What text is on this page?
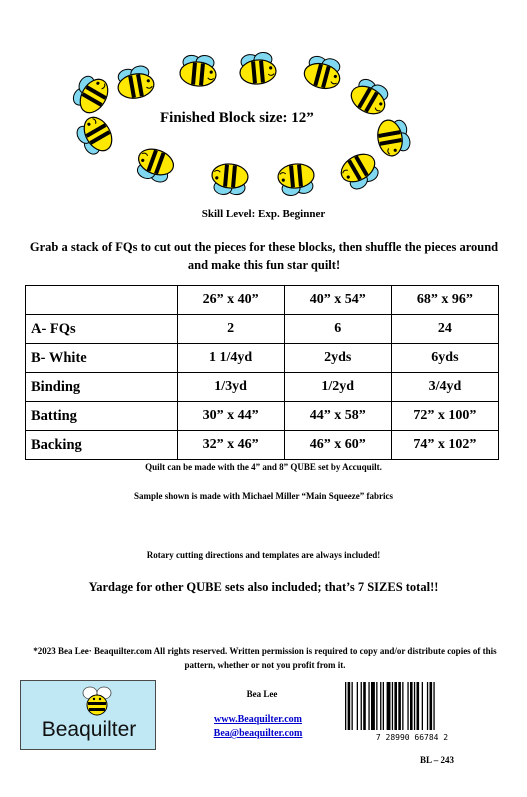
Finished Block size: 12”
Skill Level: Exp. Beginner
Grab a stack of FQs to cut out the pieces for these blocks, then shuffle the pieces around and make this fun star quilt!
	26” x 40”	40” x 54”	68” x 96”
A- FQs	2	6	24
B- White	1 1/4yd	2yds	6yds
Binding	1/3yd	1/2yd	3/4yd
Batting	30” x 44”	44” x 58”	72” x 100”
Backing	32” x 46”	46” x 60”	74” x 102”
Quilt can be made with the 4” and 8” QUBE set by Accuquilt.
Sample shown is made with Michael Miller “Main Squeeze” fabrics
Rotary cutting directions and templates are always included!
Yardage for other QUBE sets also included; that’s 7 SIZES total!!
*2023 Bea Lee· Beaquilter.com All rights reserved. Written permission is required to copy and/or distribute copies of this pattern, whether or not you profit from it.
Beaquilter
Bea Lee
www.Beaquilter.com
Bea@beaquilter.com	7 28990 66784 2
BL – 243
